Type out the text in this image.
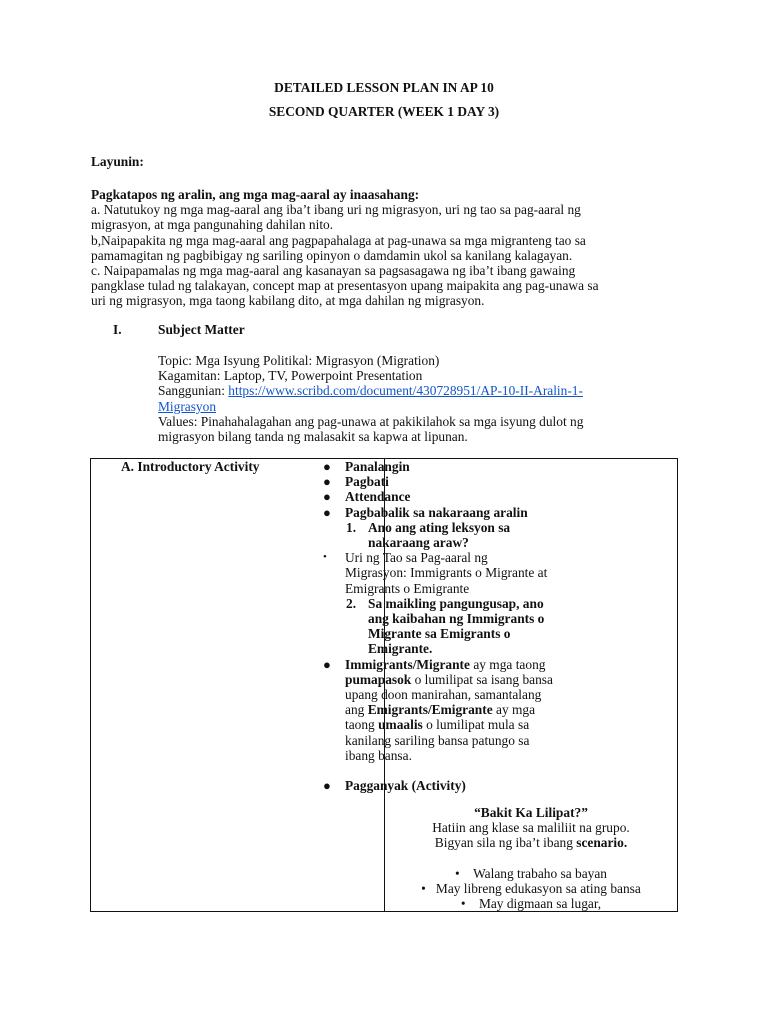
DETAILED LESSON PLAN IN AP 10
SECOND QUARTER (WEEK 1 DAY 3)
Layunin:
Pagkatapos ng aralin, ang mga mag-aaral ay inaasahang:
a. Natutukoy ng mga mag-aaral ang iba’t ibang uri ng migrasyon, uri ng tao sa pag-aaral ng
migrasyon, at mga pangunahing dahilan nito.
b,Naipapakita ng mga mag-aaral ang pagpapahalaga at pag-unawa sa mga migranteng tao sa
pamamagitan ng pagbibigay ng sariling opinyon o damdamin ukol sa kanilang kalagayan.
c. Naipapamalas ng mga mag-aaral ang kasanayan sa pagsasagawa ng iba’t ibang gawaing
pangklase tulad ng talakayan, concept map at presentasyon upang maipakita ang pag-unawa sa
uri ng migrasyon, mga taong kabilang dito, at mga dahilan ng migrasyon.
I.	Subject Matter
Topic: Mga Isyung Politikal: Migrasyon (Migration)
Kagamitan: Laptop, TV, Powerpoint Presentation
Sanggunian: https://www.scribd.com/document/430728951/AP-10-II-Aralin-1-
Migrasyon
Values: Pinahahalagahan ang pag-unawa at pakikilahok sa mga isyung dulot ng
migrasyon bilang tanda ng malasakit sa kapwa at lipunan.
A. Introductory Activity	● Panalangin
● Pagbati
● Attendance
● Pagbabalik sa nakaraang aralin
1. Ano ang ating leksyon sa
nakaraang araw?
• Uri ng Tao sa Pag-aaral ng
Migrasyon: Immigrants o Migrante at
Emigrants o Emigrante
2. Sa maikling pangungusap, ano
ang kaibahan ng Immigrants o
Migrante sa Emigrants o
Emigrante.
● Immigrants/Migrante ay mga taong
pumapasok o lumilipat sa isang bansa
upang doon manirahan, samantalang
ang Emigrants/Emigrante ay mga
taong umaalis o lumilipat mula sa
kanilang sariling bansa patungo sa
ibang bansa.
● Pagganyak (Activity)
“Bakit Ka Lilipat?”
Hatiin ang klase sa maliliit na grupo.
Bigyan sila ng iba’t ibang scenario.
•    Walang trabaho sa bayan
•   May libreng edukasyon sa ating bansa
•    May digmaan sa lugar,
